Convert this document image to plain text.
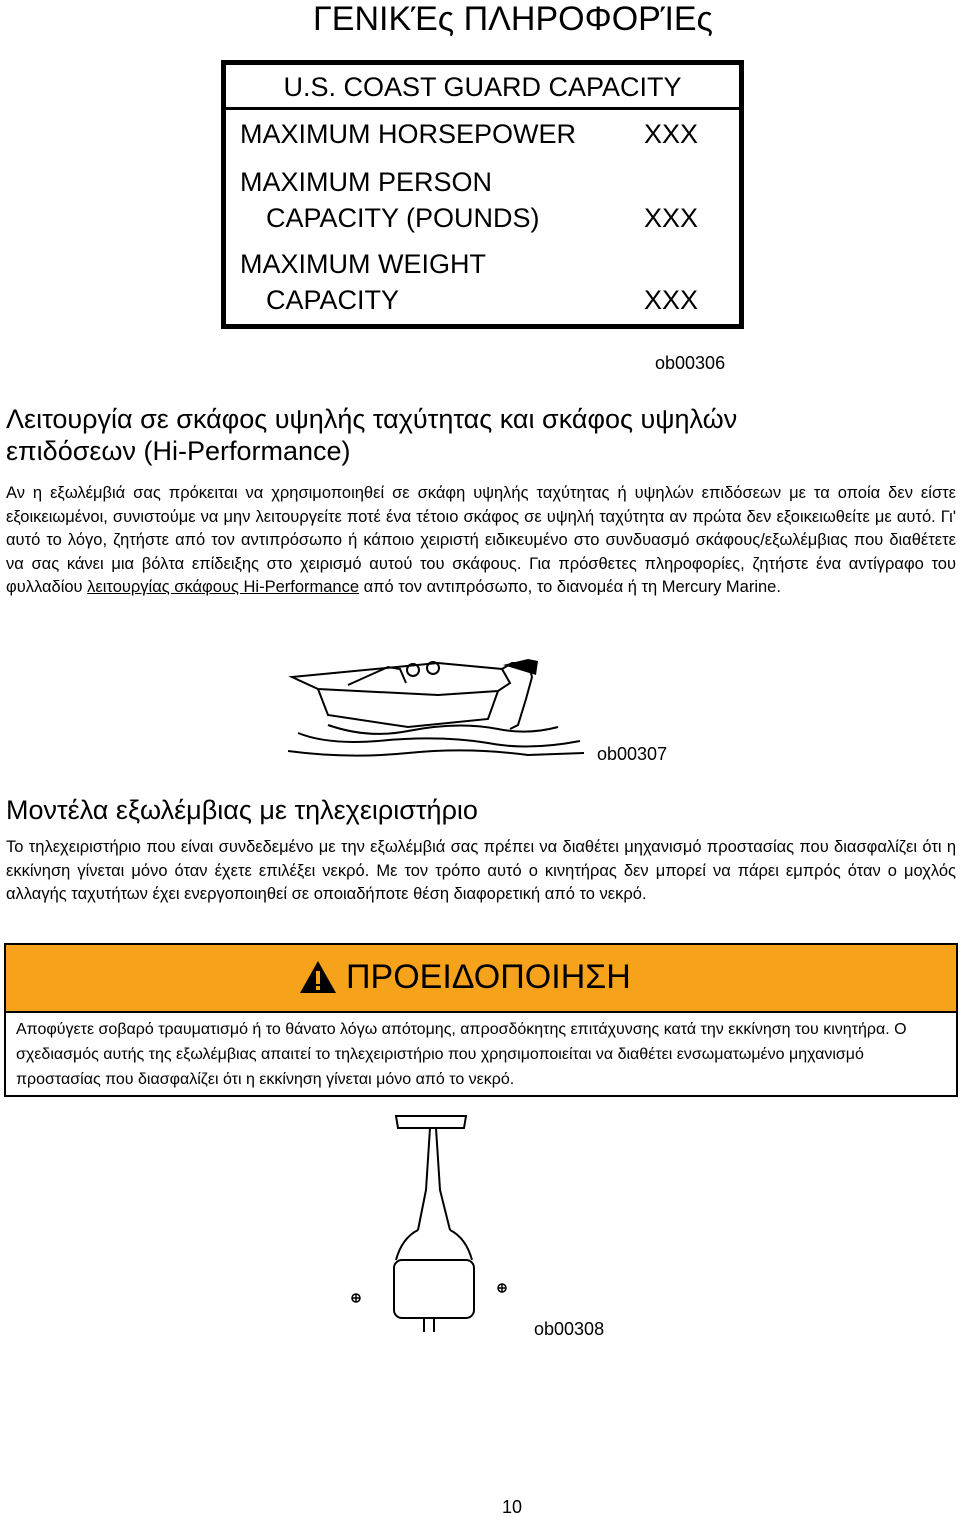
ΓΕΝΙΚΈς ΠΛΗΡΟΦΟΡΊΕς
U.S. COAST GUARD CAPACITY
MAXIMUM HORSEPOWER	XXX
MAXIMUM PERSON
CAPACITY (POUNDS)	XXX
MAXIMUM WEIGHT
CAPACITY	XXX
ob00306
Λειτουργία σε σκάφος υψηλής ταχύτητας και σκάφος υψηλών
επιδόσεων (Hi-Performance)
Αν η εξωλέμβιά σας πρόκειται να χρησιμοποιηθεί σε σκάφη υψηλής ταχύτητας ή υψηλών επιδόσεων με τα οποία δεν είστε εξοικειωμένοι, συνιστούμε να μην λειτουργείτε ποτέ ένα τέτοιο σκάφος σε υψηλή ταχύτητα αν πρώτα δεν εξοικειωθείτε με αυτό. Γι' αυτό το λόγο, ζητήστε από τον αντιπρόσωπο ή κάποιο χειριστή ειδικευμένο στο συνδυασμό σκάφους/εξωλέμβιας που διαθέτετε να σας κάνει μια βόλτα επίδειξης στο χειρισμό αυτού του σκάφους. Για πρόσθετες πληροφορίες, ζητήστε ένα αντίγραφο του φυλλαδίου λειτουργίας σκάφους Hi-Performance από τον αντιπρόσωπο, το διανομέα ή τη Mercury Marine.
ob00307
Μοντέλα εξωλέμβιας με τηλεχειριστήριο
Το τηλεχειριστήριο που είναι συνδεδεμένο με την εξωλέμβιά σας πρέπει να διαθέτει μηχανισμό προστασίας που διασφαλίζει ότι η εκκίνηση γίνεται μόνο όταν έχετε επιλέξει νεκρό. Με τον τρόπο αυτό ο κινητήρας δεν μπορεί να πάρει εμπρός όταν ο μοχλός αλλαγής ταχυτήτων έχει ενεργοποιηθεί σε οποιαδήποτε θέση διαφορετική από το νεκρό.
ΠΡΟΕΙΔΟΠΟΙΗΣΗ
Αποφύγετε σοβαρό τραυματισμό ή το θάνατο λόγω απότομης, απροσδόκητης επιτάχυνσης κατά την εκκίνηση του κινητήρα. Ο σχεδιασμός αυτής της εξωλέμβιας απαιτεί το τηλεχειριστήριο που χρησιμοποιείται να διαθέτει ενσωματωμένο μηχανισμό προστασίας που διασφαλίζει ότι η εκκίνηση γίνεται μόνο από το νεκρό.
ob00308
10
